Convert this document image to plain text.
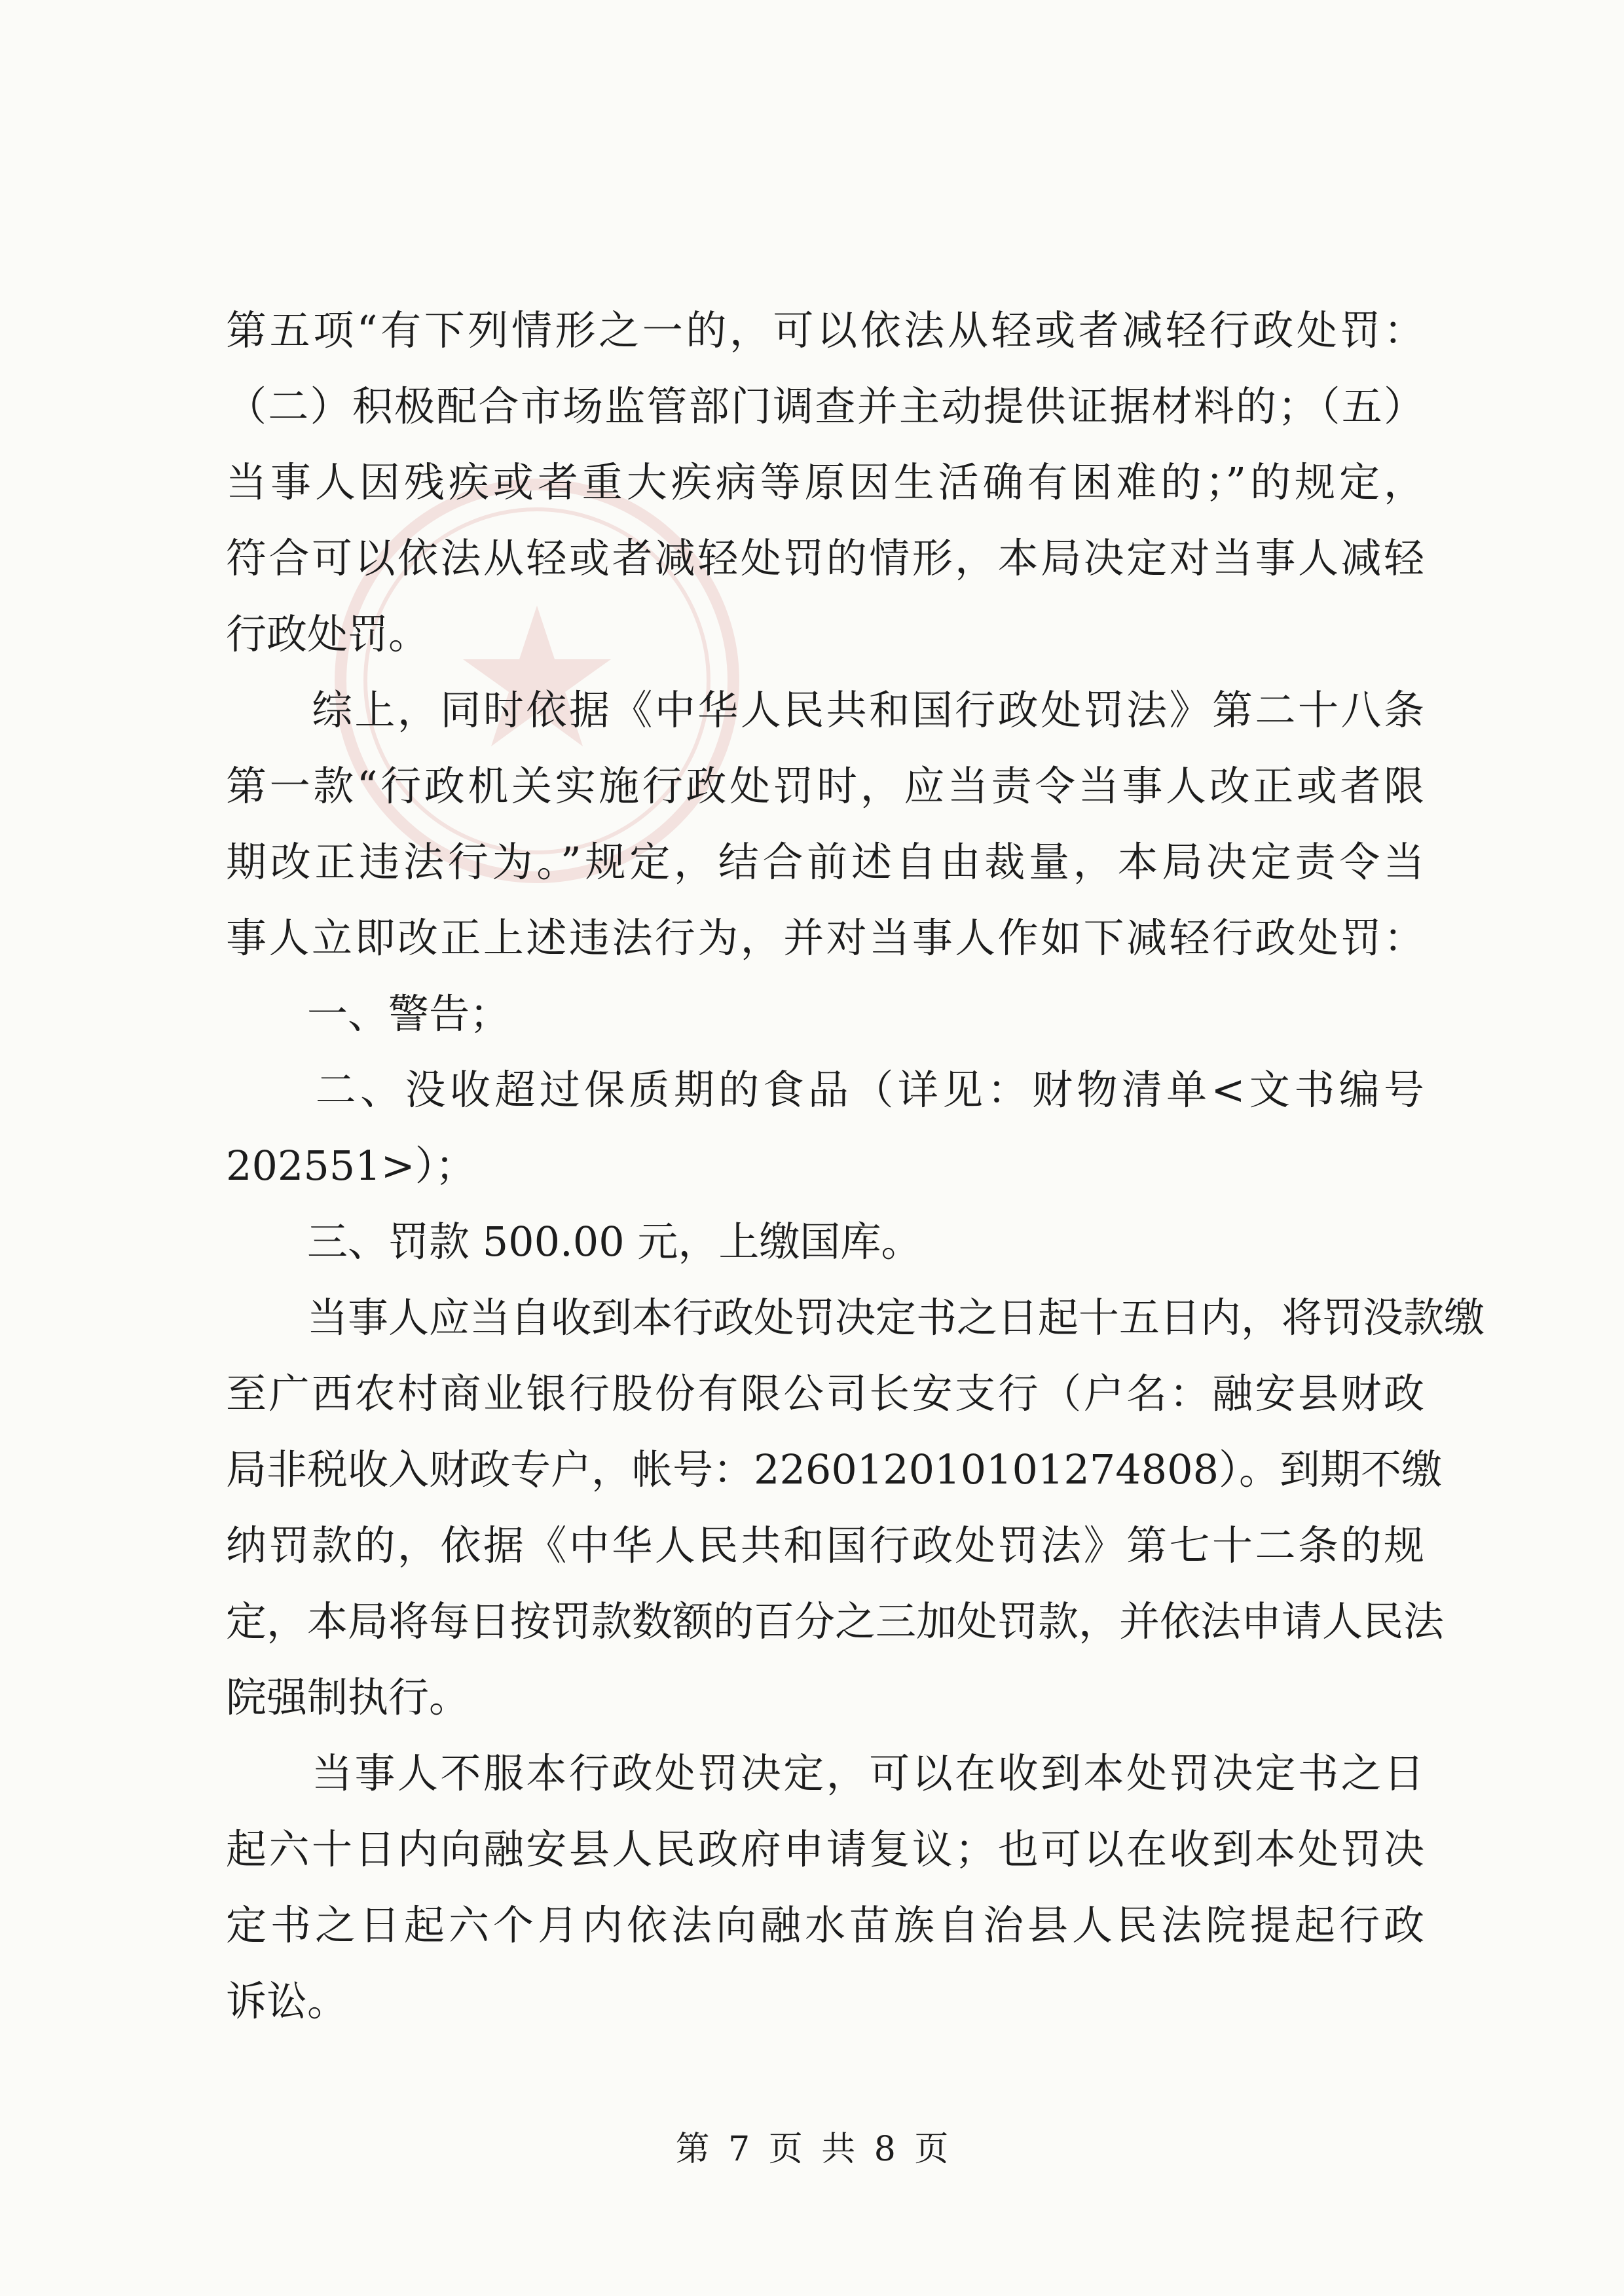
第五项“有下列情形之一的，可以依法从轻或者减轻行政处罚：
（二）积极配合市场监管部门调查并主动提供证据材料的；（五）
当事人因残疾或者重大疾病等原因生活确有困难的；”的规定，
符合可以依法从轻或者减轻处罚的情形，本局决定对当事人减轻
行政处罚。
　　综上，同时依据《中华人民共和国行政处罚法》第二十八条
第一款“行政机关实施行政处罚时，应当责令当事人改正或者限
期改正违法行为。”规定，结合前述自由裁量，本局决定责令当
事人立即改正上述违法行为，并对当事人作如下减轻行政处罚：
　　一、警告；
　　二、没收超过保质期的食品（详见：财物清单<文书编号
202551>）；
　　三、罚款 500.00 元，上缴国库。
　　当事人应当自收到本行政处罚决定书之日起十五日内，将罚没款缴
至广西农村商业银行股份有限公司长安支行（户名：融安县财政
局非税收入财政专户，帐号：22601201010127480​8）。到期不缴
纳罚款的，依据《中华人民共和国行政处罚法》第七十二条的规
定，本局将每日按罚款数额的百分之三加处罚款，并依法申请人民法
院强制执行。
　　当事人不服本行政处罚决定，可以在收到本处罚决定书之日
起六十日内向融安县人民政府申请复议；也可以在收到本处罚决
定书之日起六个月内依法向融水苗族自治县人民法院提起行政
诉讼。
第 7 页 共 8 页
